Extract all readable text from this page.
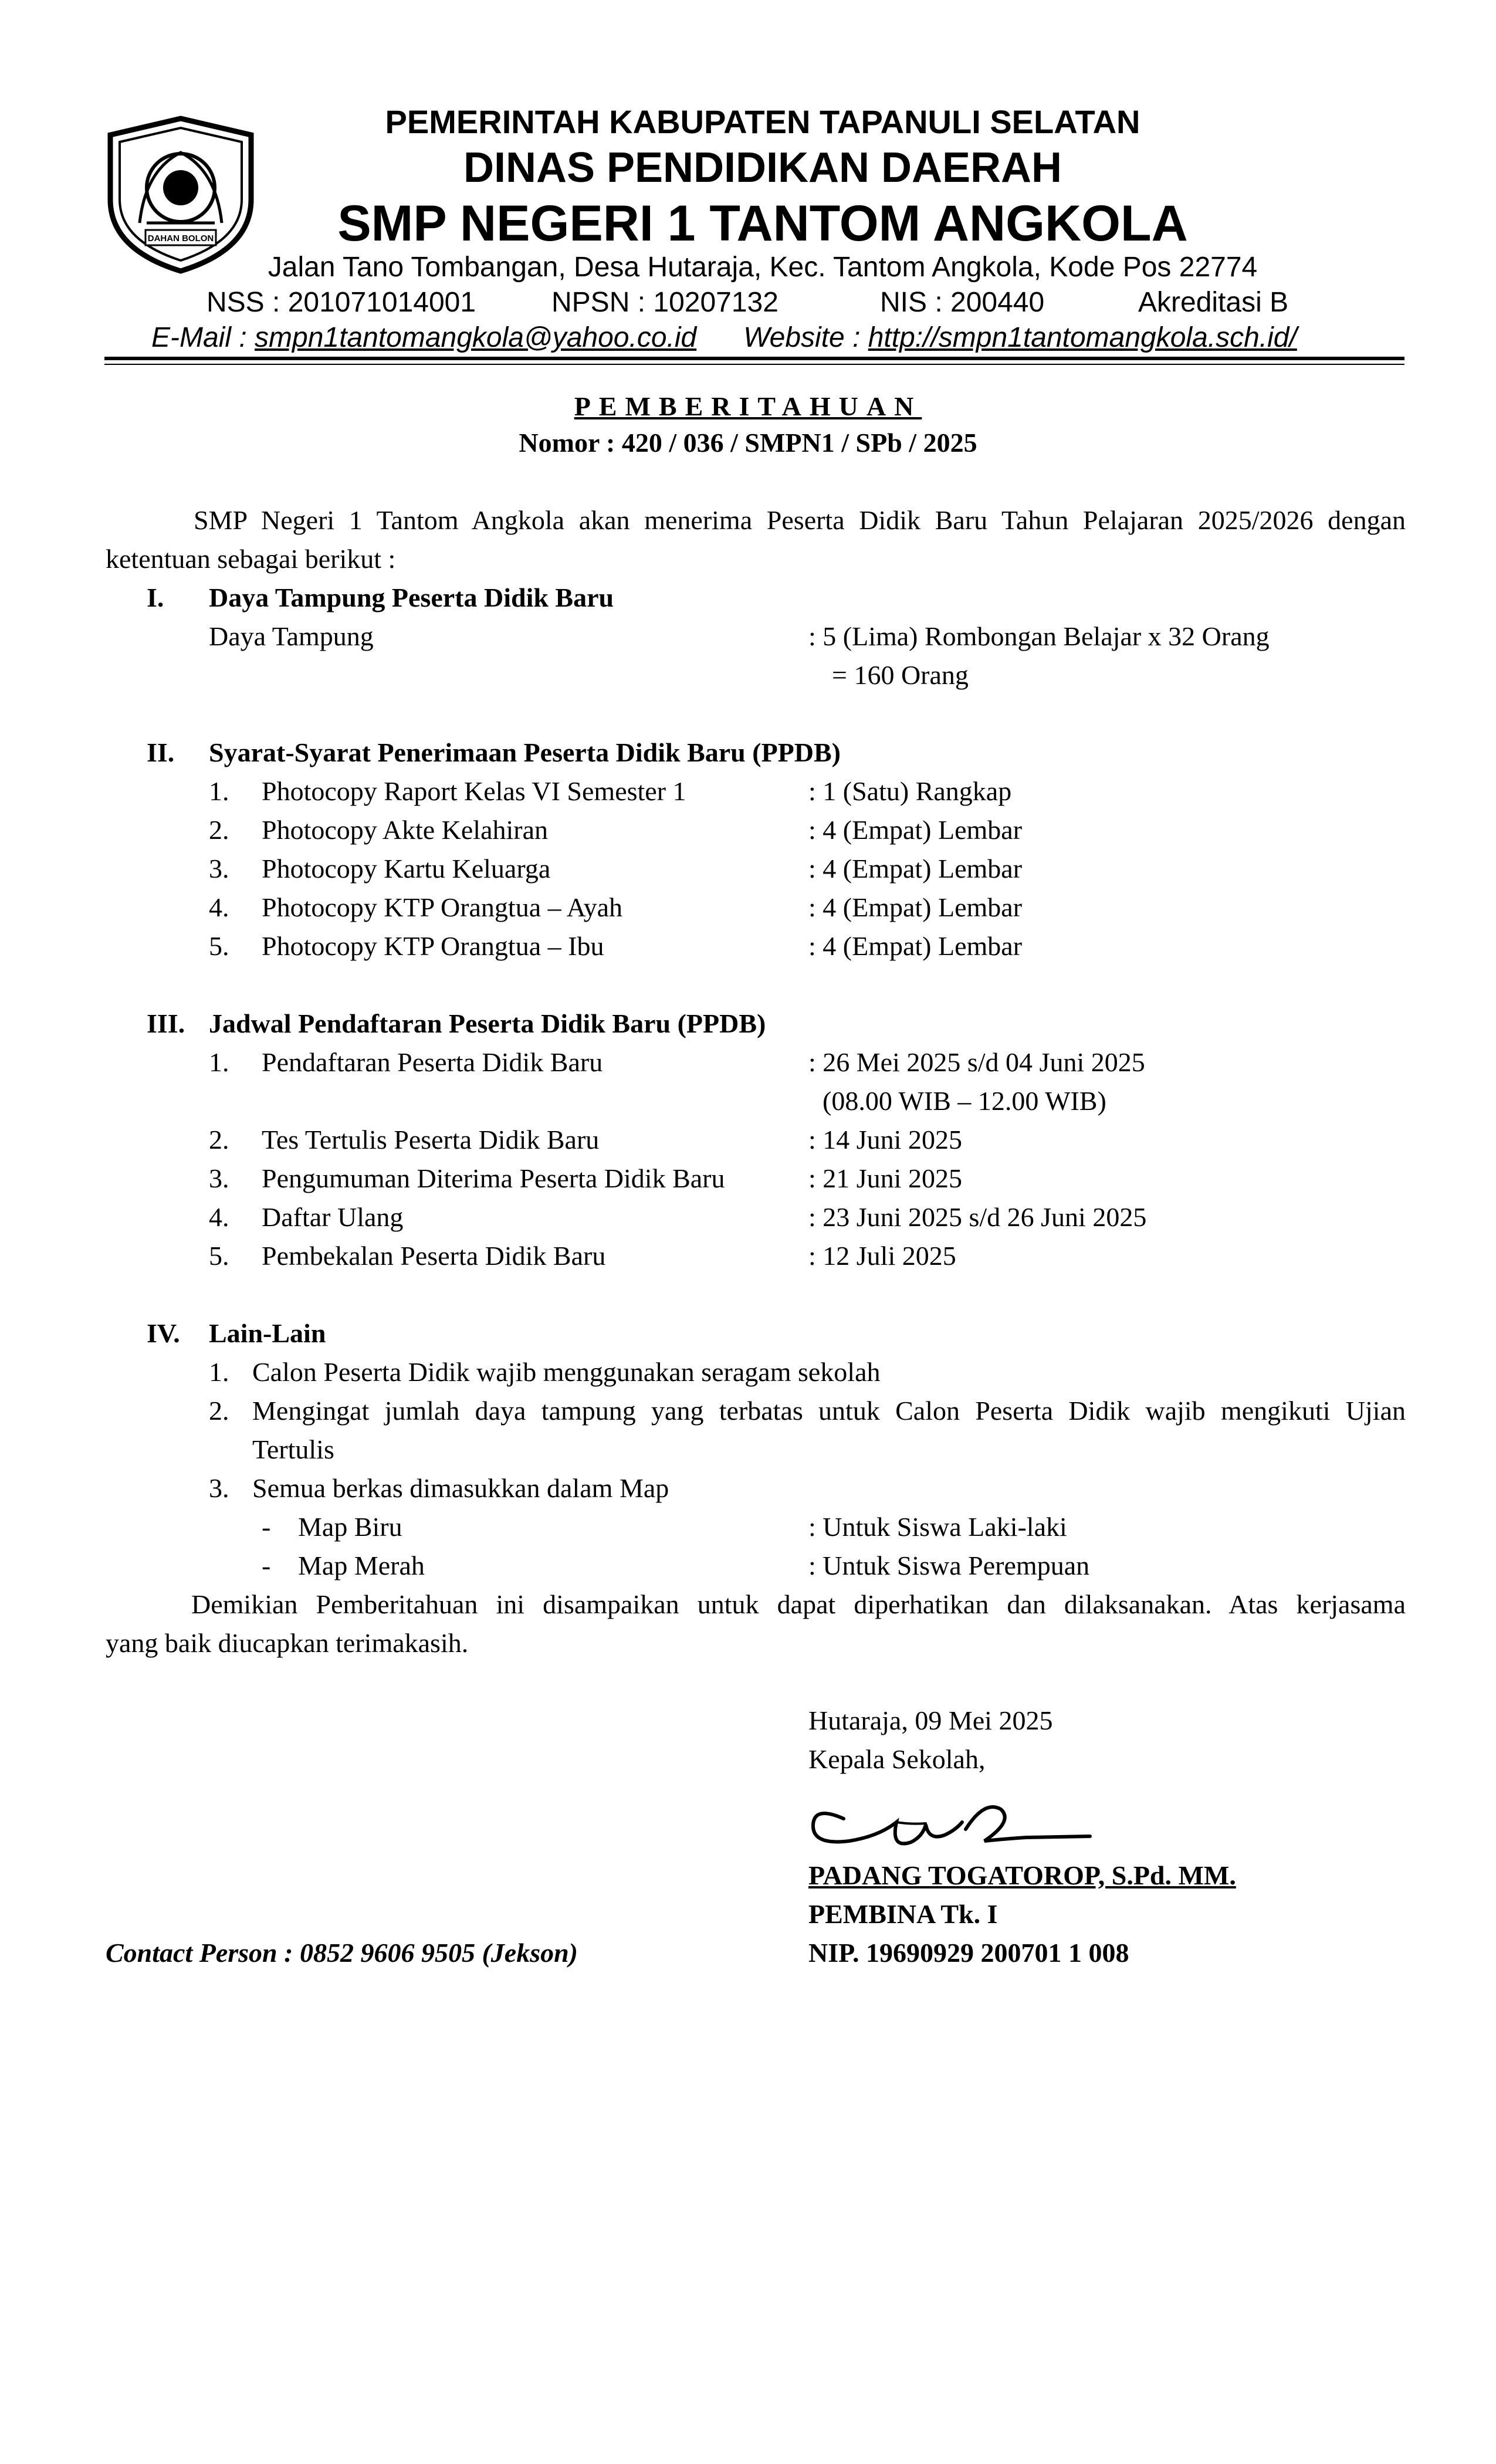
DAHAN BOLON
PEMERINTAH KABUPATEN TAPANULI SELATAN
DINAS PENDIDIKAN DAERAH
SMP NEGERI 1 TANTOM ANGKOLA
Jalan Tano Tombangan, Desa Hutaraja, Kec. Tantom Angkola, Kode Pos 22774
NSS : 201071014001	NPSN : 10207132	NIS : 200440	Akreditasi B
E-Mail : smpn1tantomangkola@yahoo.co.id Website : http://smpn1tantomangkola.sch.id/
PEMBERITAHUAN
Nomor : 420 / 036 / SMPN1 / SPb / 2025
SMP Negeri 1 Tantom Angkola akan menerima Peserta Didik Baru Tahun Pelajaran 2025/2026 dengan
ketentuan sebagai berikut :
I. Daya Tampung Peserta Didik Baru
Daya Tampung	: 5 (Lima) Rombongan Belajar x 32 Orang
= 160 Orang
II. Syarat-Syarat Penerimaan Peserta Didik Baru (PPDB)
1. Photocopy Raport Kelas VI Semester 1	: 1 (Satu) Rangkap
2. Photocopy Akte Kelahiran	: 4 (Empat) Lembar
3. Photocopy Kartu Keluarga	: 4 (Empat) Lembar
4. Photocopy KTP Orangtua – Ayah	: 4 (Empat) Lembar
5. Photocopy KTP Orangtua – Ibu	: 4 (Empat) Lembar
III. Jadwal Pendaftaran Peserta Didik Baru (PPDB)
1. Pendaftaran Peserta Didik Baru	: 26 Mei 2025 s/d 04 Juni 2025
(08.00 WIB – 12.00 WIB)
2. Tes Tertulis Peserta Didik Baru	: 14 Juni 2025
3. Pengumuman Diterima Peserta Didik Baru	: 21 Juni 2025
4. Daftar Ulang	: 23 Juni 2025 s/d 26 Juni 2025
5. Pembekalan Peserta Didik Baru	: 12 Juli 2025
IV. Lain-Lain
1. Calon Peserta Didik wajib menggunakan seragam sekolah
2. Mengingat jumlah daya tampung yang terbatas untuk Calon Peserta Didik wajib mengikuti Ujian
Tertulis
3. Semua berkas dimasukkan dalam Map
- Map Biru	: Untuk Siswa Laki-laki
- Map Merah	: Untuk Siswa Perempuan
Demikian Pemberitahuan ini disampaikan untuk dapat diperhatikan dan dilaksanakan. Atas kerjasama
yang baik diucapkan terimakasih.
Hutaraja, 09 Mei 2025
Kepala Sekolah,
PADANG TOGATOROP, S.Pd. MM.
PEMBINA Tk. I
NIP. 19690929 200701 1 008
Contact Person : 0852 9606 9505 (Jekson)
